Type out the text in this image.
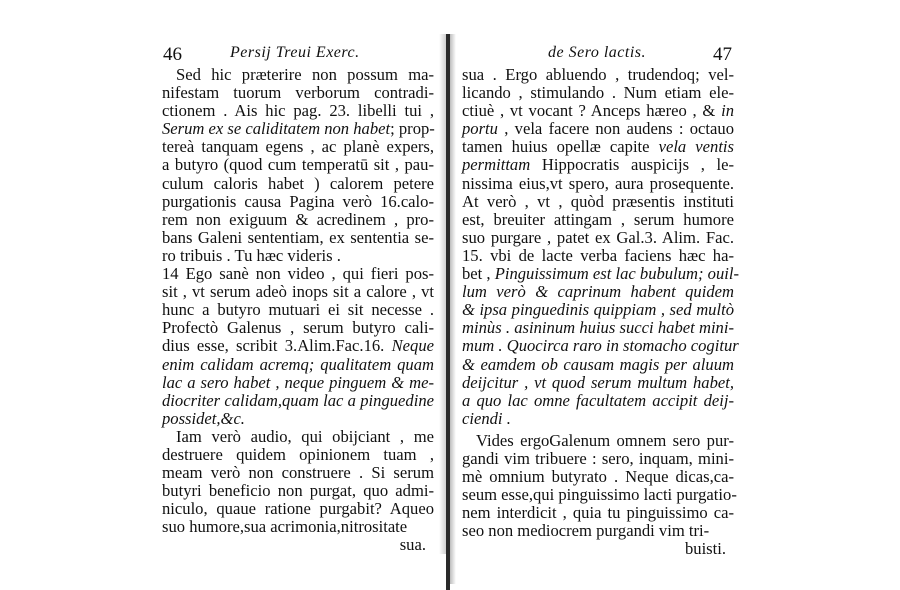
46	Persij Treui Exerc.
Sed hic præterire non possum ma-
nifestam tuorum verborum contradi-
ctionem . Ais hic pag. 23. libelli tui ,
Serum ex se caliditatem non habet; prop-
tereà tanquam egens , ac planè expers,
a butyro (quod cum temperatū sit , pau-
culum caloris habet ) calorem petere
purgationis causa Pagina verò 16.calo-
rem non exiguum & acredinem , pro-
bans Galeni sententiam, ex sententia se-
ro tribuis . Tu hæc videris .
14 Ego sanè non video , qui fieri pos-
sit , vt serum adeò inops sit a calore , vt
hunc a butyro mutuari ei sit necesse .
Profectò Galenus , serum butyro cali-
dius esse, scribit 3.Alim.Fac.16. Neque
enim calidam acremq; qualitatem quam
lac a sero habet , neque pinguem & me-
diocriter calidam,quam lac a pinguedine
possidet,&c.
Iam verò audio, qui obijciant , me
destruere quidem opinionem tuam ,
meam verò non construere . Si serum
butyri beneficio non purgat, quo admi-
niculo, quaue ratione purgabit? Aqueo
suo humore,sua acrimonia,nitrositate
sua.
de Sero lactis.	47
sua . Ergo abluendo , trudendoq; vel-
licando , stimulando . Num etiam ele-
ctiuè , vt vocant ? Anceps hæreo , & in
portu , vela facere non audens : octauo
tamen huius opellæ capite vela ventis
permittam Hippocratis auspicijs , le-
nissima eius,vt spero, aura prosequente.
At verò , vt , quòd præsentis instituti
est, breuiter attingam , serum humore
suo purgare , patet ex Gal.3. Alim. Fac.
15. vbi de lacte verba faciens hæc ha-
bet , Pinguissimum est lac bubulum; ouil-
lum verò & caprinum habent quidem
& ipsa pinguedinis quippiam , sed multò
minùs . asininum huius succi habet mini-
mum . Quocirca raro in stomacho cogitur
& eamdem ob causam magis per aluum
deijcitur , vt quod serum multum habet,
a quo lac omne facultatem accipit deij-
ciendi .
Vides ergoGalenum omnem sero pur-
gandi vim tribuere : sero, inquam, mini-
mè omnium butyrato . Neque dicas,ca-
seum esse,qui pinguissimo lacti purgatio-
nem interdicit , quia tu pinguissimo ca-
seo non mediocrem purgandi vim tri-
buisti.
